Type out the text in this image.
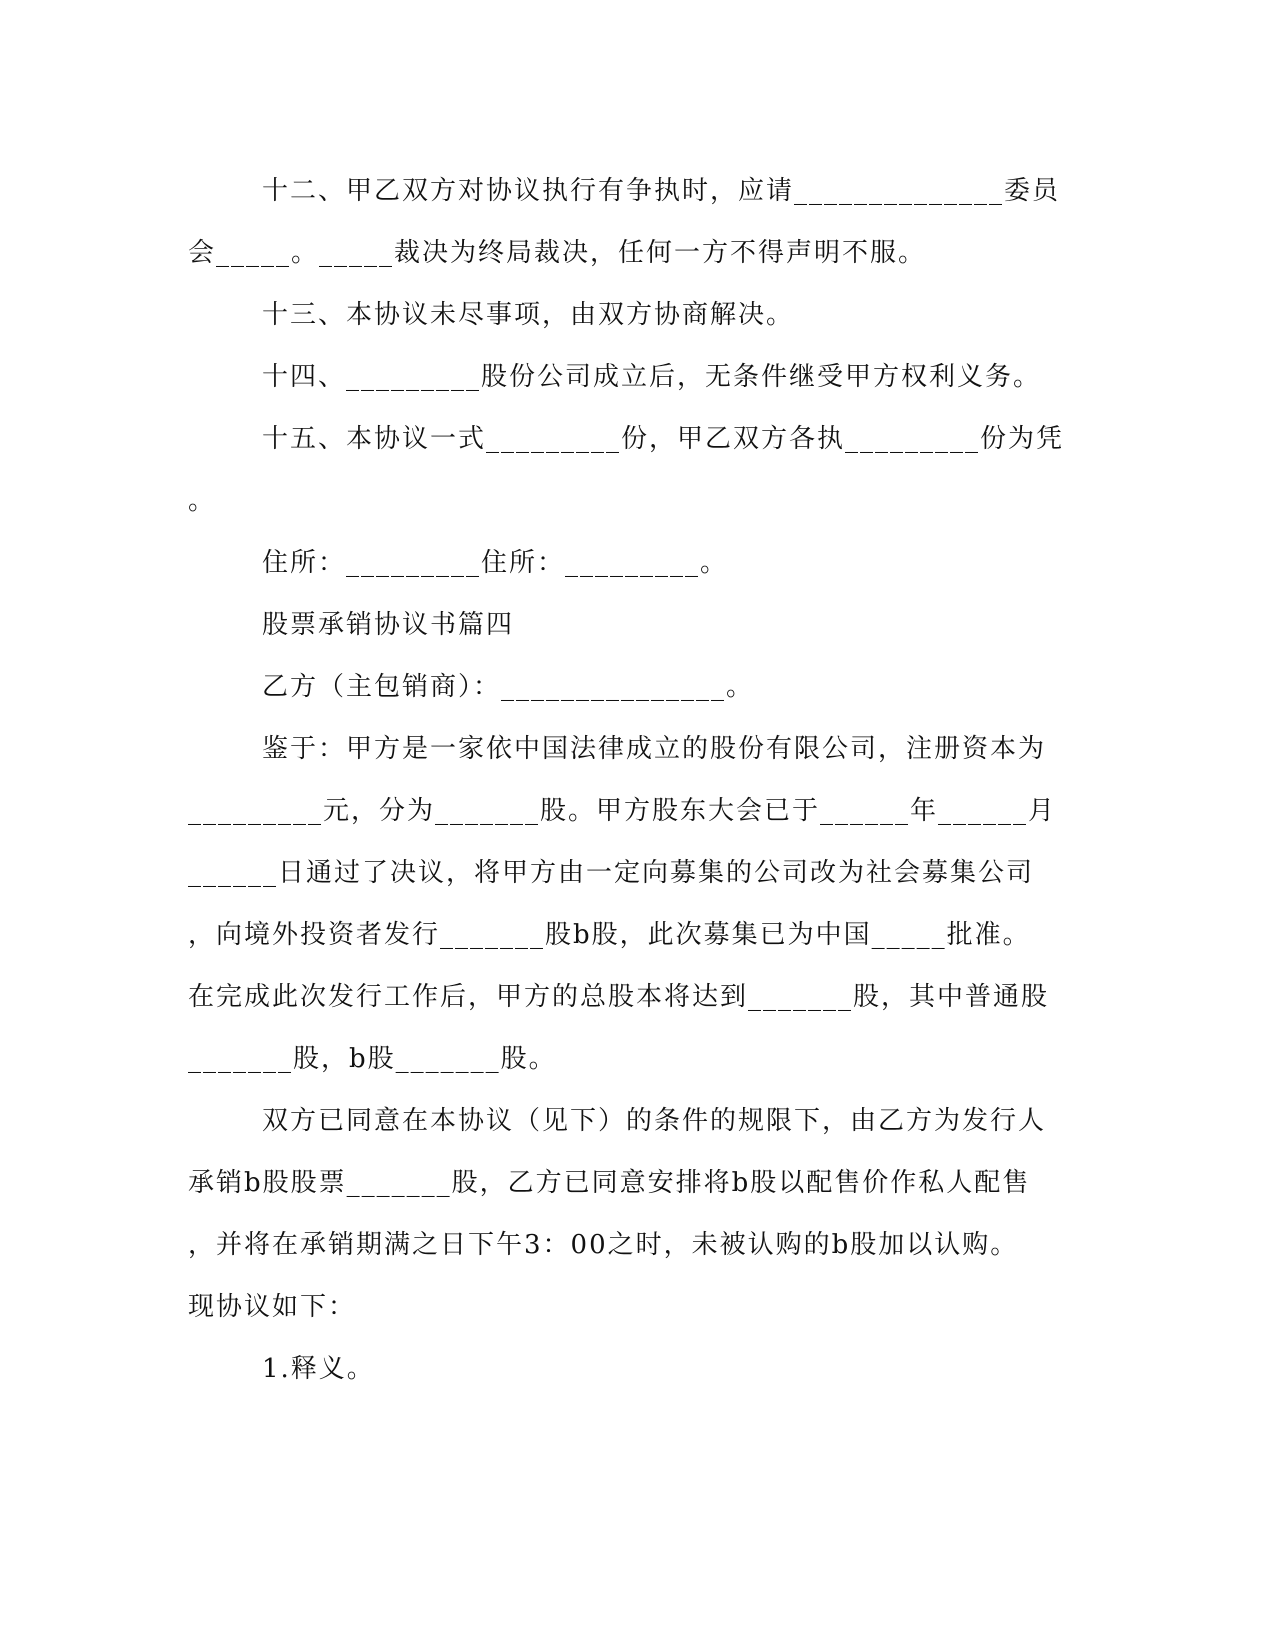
十二、甲乙双方对协议执行有争执时，应请______________委员
会_____。_____裁决为终局裁决，任何一方不得声明不服。
十三、本协议未尽事项，由双方协商解决。
十四、_________股份公司成立后，无条件继受甲方权利义务。
十五、本协议一式_________份，甲乙双方各执_________份为凭
。
住所：_________住所：_________。
股票承销协议书篇四
乙方（主包销商）：_______________。
鉴于：甲方是一家依中国法律成立的股份有限公司，注册资本为
_________元，分为_______股。甲方股东大会已于______年______月
______日通过了决议，将甲方由一定向募集的公司改为社会募集公司
，向境外投资者发行_______股b股，此次募集已为中国_____批准。
在完成此次发行工作后，甲方的总股本将达到_______股，其中普通股
_______股，b股_______股。
双方已同意在本协议（见下）的条件的规限下，由乙方为发行人
承销b股股票_______股，乙方已同意安排将b股以配售价作私人配售
，并将在承销期满之日下午3：00之时，未被认购的b股加以认购。
现协议如下：
1.释义。
